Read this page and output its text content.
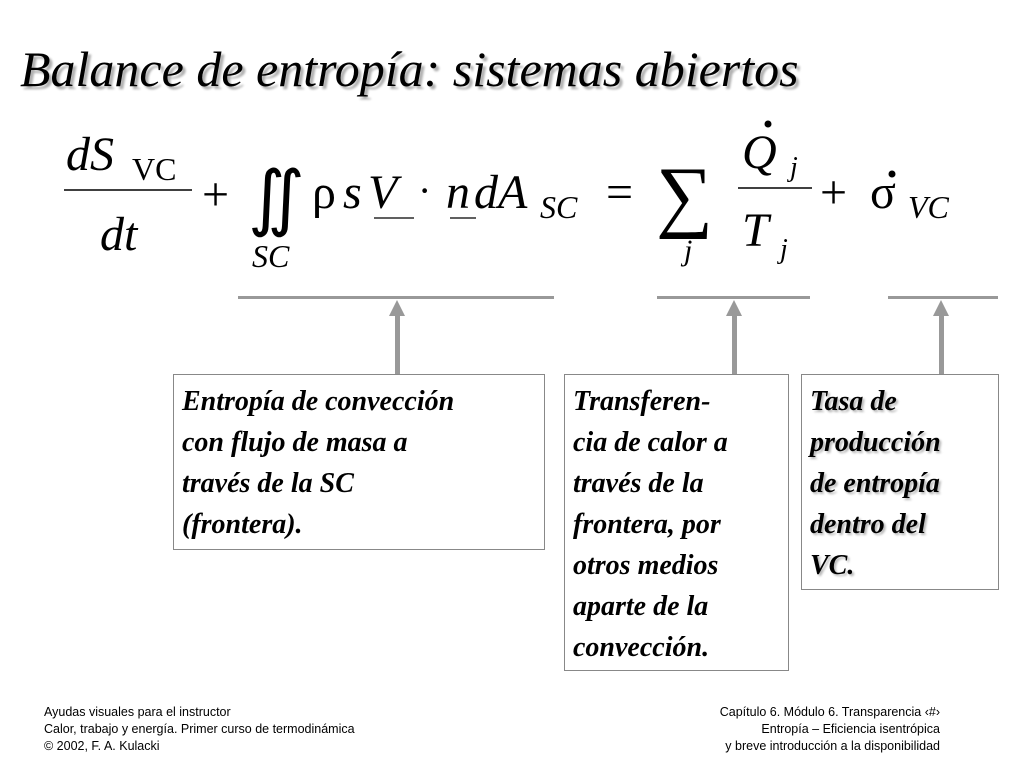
Balance de entropía: sistemas abiertos
dS VC
dt
+ ∬
SC
ρ s V · n dA SC = ∑
j
Q j
T j
+ σ VC
Entropía de convección
con flujo de masa a
través de la SC
(frontera).
Transferen-
cia de calor a
través de la
frontera, por
otros medios
aparte de la
convección.
Tasa de
producción
de entropía
dentro del
VC.
Ayudas visuales para el instructor
Calor, trabajo y energía. Primer curso de termodinámica
© 2002, F. A. Kulacki
Capítulo 6. Módulo 6. Transparencia ‹#›
Entropía – Eficiencia isentrópica
y breve introducción a la disponibilidad
